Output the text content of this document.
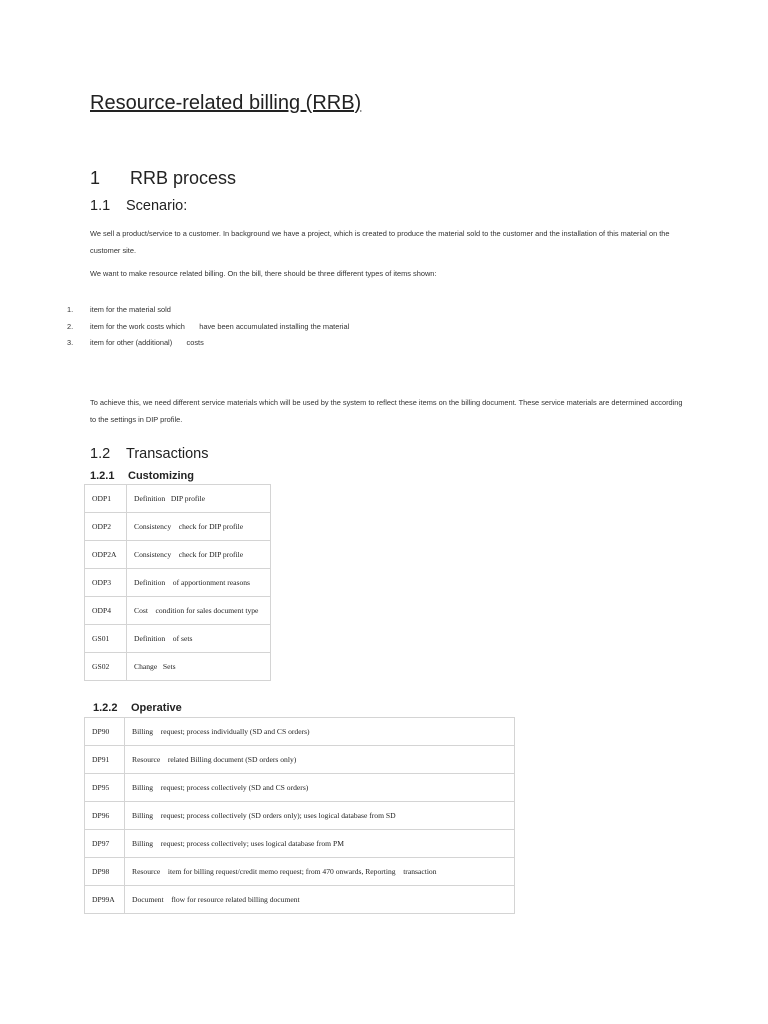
Resource-related billing (RRB)
1 RRB process
1.1 Scenario:

We sell a product/service to a customer. In background we have a project, which is created to produce the material sold to the customer and the installation of this material on the customer site.

We want to make resource related billing. On the bill, there should be three different types of items shown:

1. item for the material sold
2. item for the work costs which       have been accumulated installing the material
3. item for other (additional)       costs

To achieve this, we need different service materials which will be used by the system to reflect these items on the billing document. These service materials are determined according to the settings in DIP profile.

1.2 Transactions
1.2.1 Customizing
ODP1	Definition   DIP profile
ODP2	Consistency    check for DIP profile
ODP2A	Consistency    check for DIP profile
ODP3	Definition    of apportionment reasons
ODP4	Cost    condition for sales document type
GS01	Definition    of sets
GS02	Change   Sets
1.2.2 Operative
DP90	Billing    request; process individually (SD and CS orders)
DP91	Resource    related Billing document (SD orders only)
DP95	Billing    request; process collectively (SD and CS orders)
DP96	Billing    request; process collectively (SD orders only); uses logical database from SD
DP97	Billing    request; process collectively; uses logical database from PM
DP98	Resource    item for billing request/credit memo request; from 470 onwards, Reporting    transaction
DP99A	Document    flow for resource related billing document
